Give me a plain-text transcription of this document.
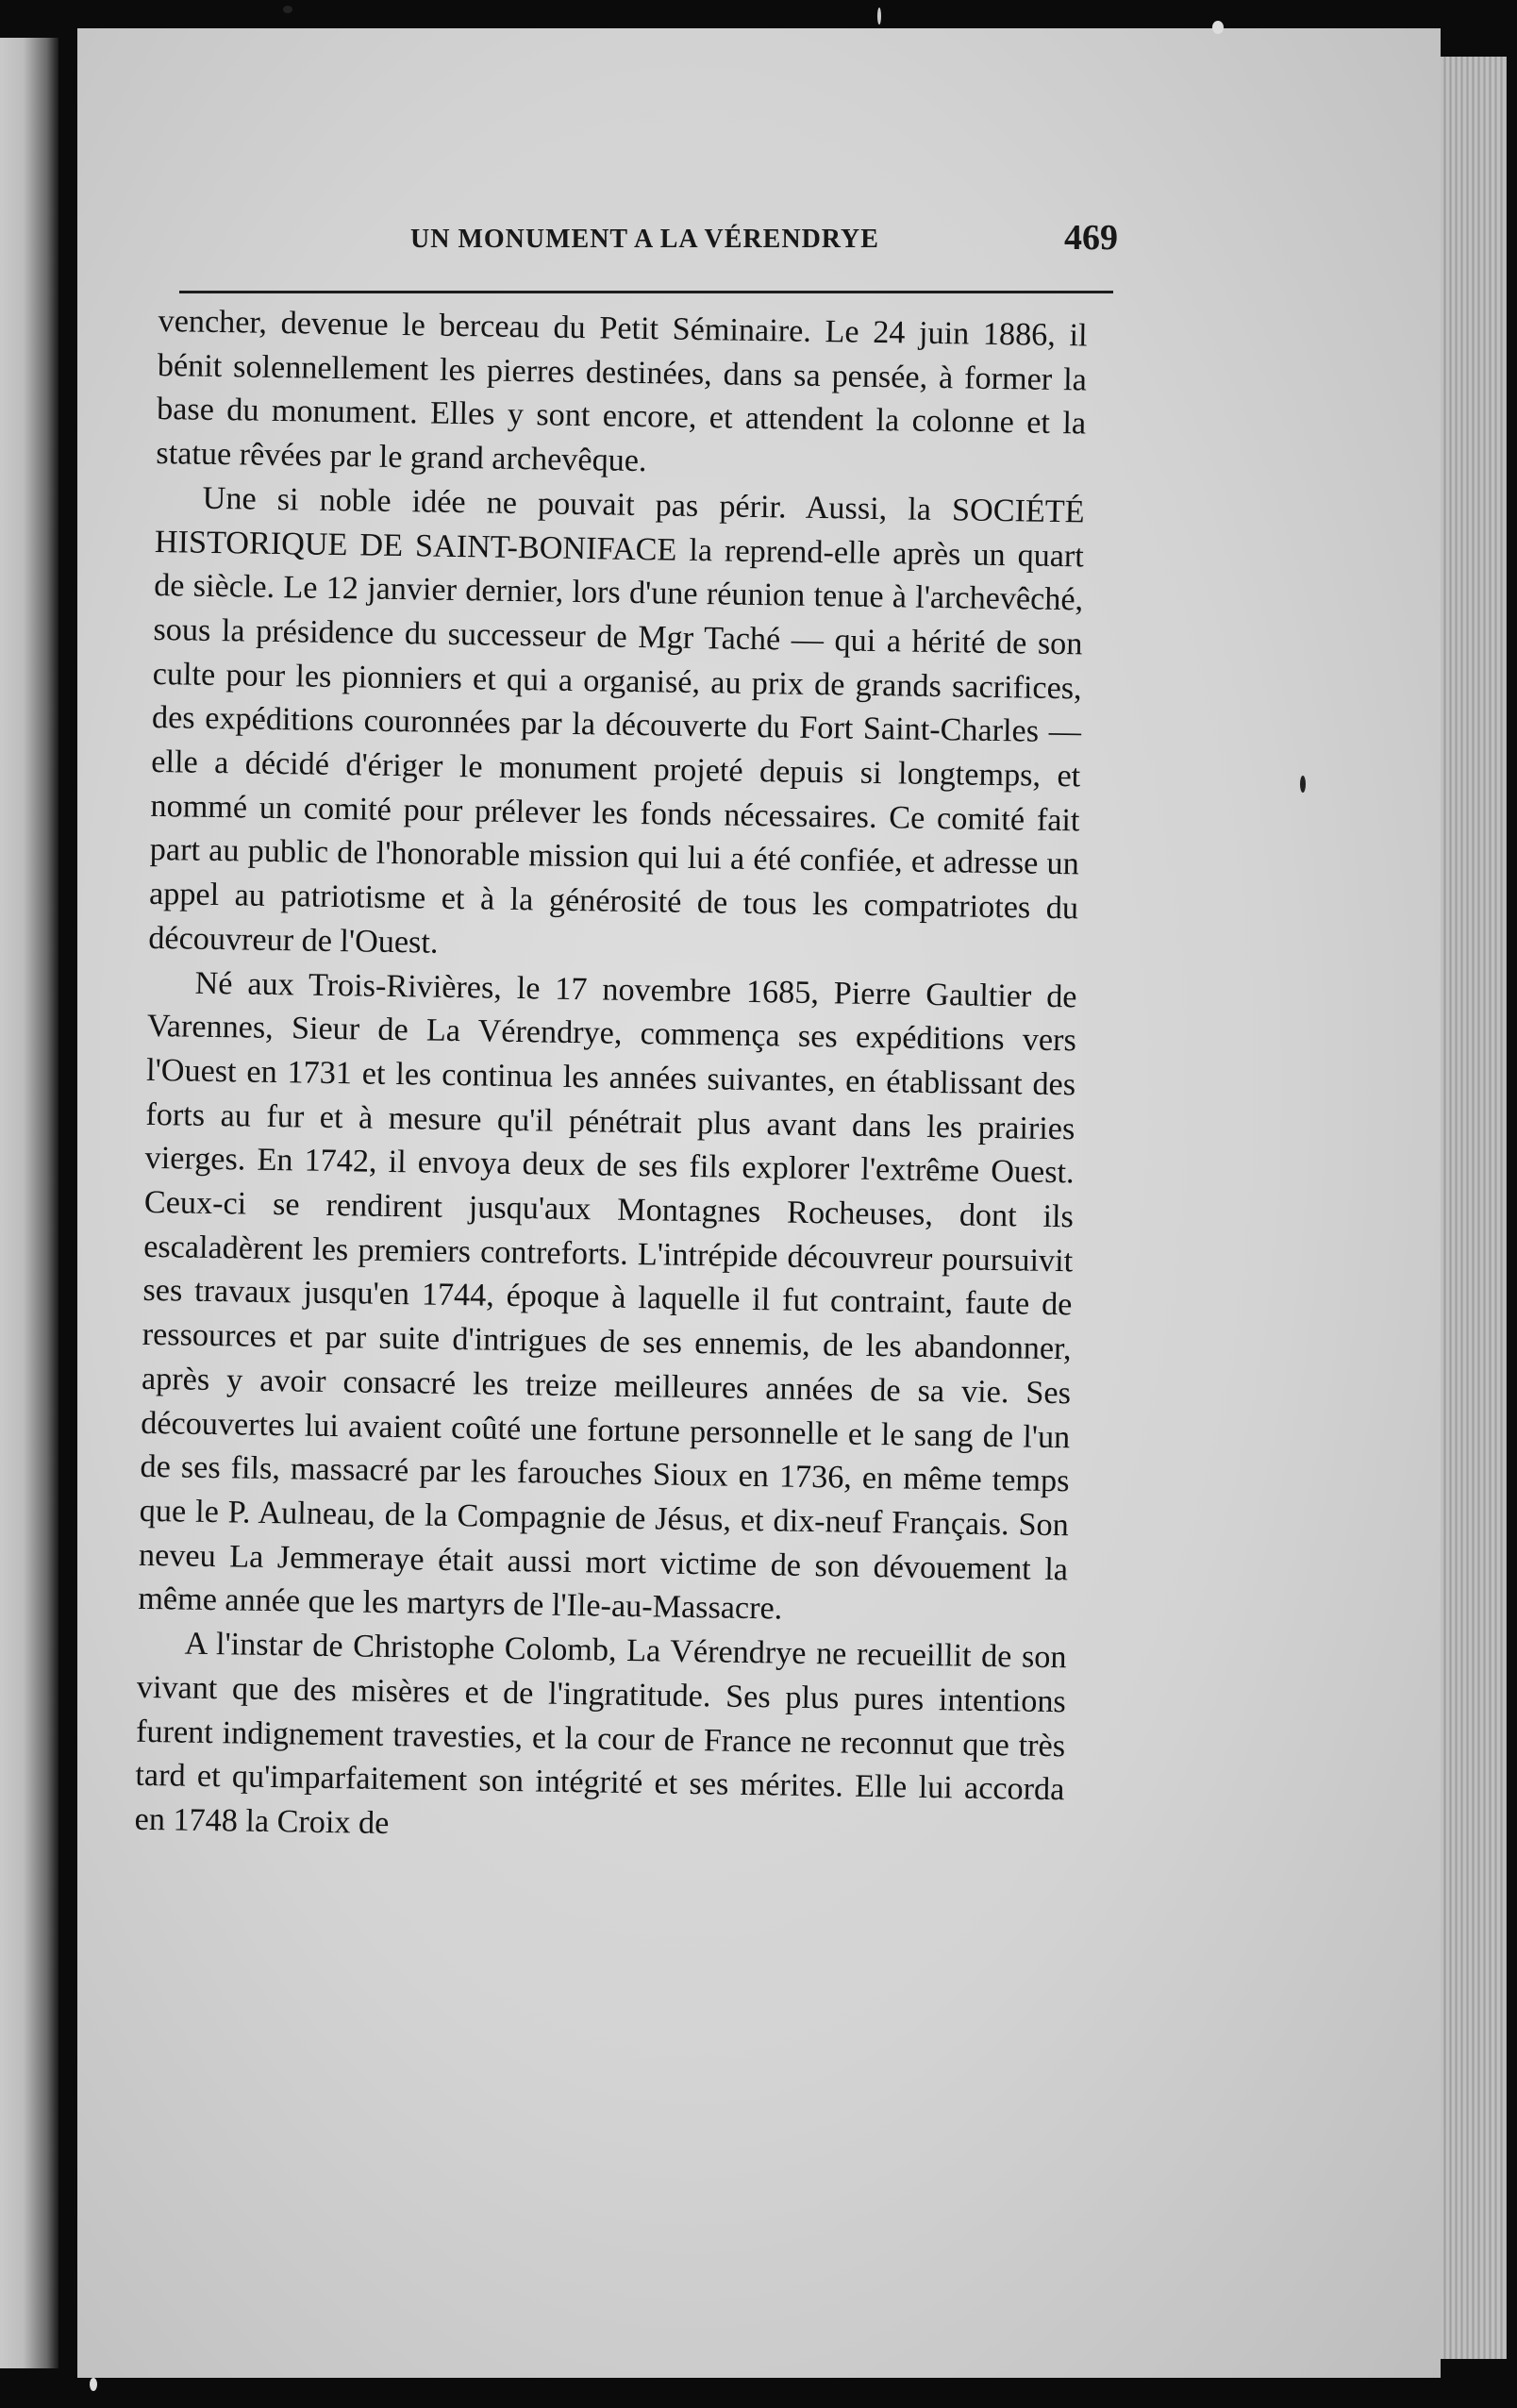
UN MONUMENT A LA VÉRENDRYE	469

vencher, devenue le berceau du Petit Séminaire. Le 24 juin 1886, il bénit solennellement les pierres destinées, dans sa pensée, à former la base du monument. Elles y sont encore, et attendent la colonne et la statue rêvées par le grand archevêque.

Une si noble idée ne pouvait pas périr. Aussi, la SOCIÉTÉ HISTORIQUE DE SAINT-BONIFACE la reprend-elle après un quart de siècle. Le 12 janvier dernier, lors d'une réunion tenue à l'archevêché, sous la présidence du successeur de Mgr Taché — qui a hérité de son culte pour les pionniers et qui a organisé, au prix de grands sacrifices, des expéditions couronnées par la découverte du Fort Saint-Charles — elle a décidé d'ériger le monument projeté depuis si longtemps, et nommé un comité pour prélever les fonds nécessaires. Ce comité fait part au public de l'honorable mission qui lui a été confiée, et adresse un appel au patriotisme et à la générosité de tous les compatriotes du découvreur de l'Ouest.

Né aux Trois-Rivières, le 17 novembre 1685, Pierre Gaultier de Varennes, Sieur de La Vérendrye, commença ses expéditions vers l'Ouest en 1731 et les continua les années suivantes, en établissant des forts au fur et à mesure qu'il pénétrait plus avant dans les prairies vierges. En 1742, il envoya deux de ses fils explorer l'extrême Ouest. Ceux-ci se rendirent jusqu'aux Montagnes Rocheuses, dont ils escaladèrent les premiers contreforts. L'intrépide découvreur poursuivit ses travaux jusqu'en 1744, époque à laquelle il fut contraint, faute de ressources et par suite d'intrigues de ses ennemis, de les abandonner, après y avoir consacré les treize meilleures années de sa vie. Ses découvertes lui avaient coûté une fortune personnelle et le sang de l'un de ses fils, massacré par les farouches Sioux en 1736, en même temps que le P. Aulneau, de la Compagnie de Jésus, et dix-neuf Français. Son neveu La Jemmeraye était aussi mort victime de son dévouement la même année que les martyrs de l'Ile-au-Massacre.

A l'instar de Christophe Colomb, La Vérendrye ne recueillit de son vivant que des misères et de l'ingratitude. Ses plus pures intentions furent indignement travesties, et la cour de France ne reconnut que très tard et qu'imparfaitement son intégrité et ses mérites. Elle lui accorda en 1748 la Croix de
